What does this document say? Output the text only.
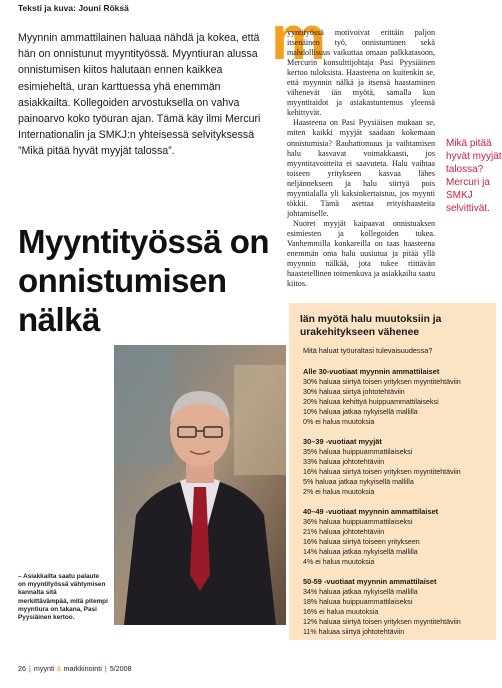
Teksti ja kuva: Jouni Röksä
Myynnin ammattilainen haluaa nähdä ja kokea, että hän on onnistunut myyntityössä. Myyntiuran alussa onnistumisen kiitos halutaan ennen kaikkea esimieheltä, uran karttuessa yhä enemmän asiakkailta. Kollegoiden arvostuksella on vahva painoarvo koko työuran ajan. Tämä käy ilmi Mercuri Internationalin ja SMKJ:n yhteisessä selvityksessä ”Mikä pitää hyvät myyjät talossa”.
m

yyntityössä motivoivat erittäin paljon itsenäinen työ, onnistuminen sekä mahdollisuus vaikuttaa omaan palkkatasoon, Mercurin konsulttijohtaja Pasi Pyysiäinen kertoo tuloksista. Haasteena on kuitenkin se, että myynnin nälkä ja itsensä haastaminen vähenevät iän myötä, samalla kun myyntitaidot ja asiakastuntemus yleensä kehittyvät.

Haasteena on Pasi Pyysiäisen mukaan se, miten kaikki myyjät saadaan kokemaan onnistumisia? Rauhattomuus ja vaihtamisen halu kasvavat voimakkaasti, jos myyntitavoitteita ei saavuteta. Halu vaihtaa toiseen yritykseen kasvaa lähes neljännekseen ja halu siirtyä pois myyntialalla yli kaksinkertaistuu, jos myynti tökkii. Tämä asettaa erityishaasteita johtamiselle.

Nuoret myyjät kaipaavat onnistuaksen esimiesten ja kollegoiden tukea. Vanhemmilla konkareilla on taas haasteena enemmän oma halu uusiutua ja pitää yllä myynnin nälkää, jota tukee riittävän haastetellinen toimenkuva ja asiakkailta saatu kiitos.

Mikä pitää hyvät myyjät talossa? Mercuri ja SMKJ selvittivät.
Myyntityössä on onnistumisen nälkä
– Asiakkailta saatu palaute on myyntityössä vähtymisen kannalta sitä merkittävämpää, mitä pitempi myyntiura on takana, Pasi Pyysiäinen kertoo.
Iän myötä halu muutoksiin ja urakehitykseen vähenee
Mitä haluat työuraltasi tulevaisuudessa?
Alle 30-vuotiaat myynnin ammattilaiset
30% haluaa siirtyä toisen yrityksen myyntitehtäviin
30% haluaa siirtyä johtotehtäviin
20% haluaa kehittyä huippuammattilaiseksi
10% haluaa jatkaa nykyisellä mallilla
0% ei halua muutoksia
30–39 -vuotiaat myyjät
35% haluaa huippuammattilaiseksi
33% haluaa johtotehtäviin
16% haluaa siirtyä toisen yrityksen myyntitehtäviin
5% haluaa jatkaa nykyisellä mallilla
2% ei halua muutoksia
40–49 -vuotiaat myynnin ammattilaiset
36% haluaa huippuammattilaiseksi
21% haluaa johtotehtäviin
16% haluaa siirtyä toiseen yritykseen
14% haluaa jatkaa nykyisellä mallilla
4% ei halua muutoksia
50-59 -vuotiaat myynnin ammattilaiset
34% haluaa jatkaa nykyisellä mallilla
18% haluaa huippuammattilaiseksi
16% ei halua muutoksia
12% haluaa siirtyä toisen yrityksen myyntitehtäviin
11% haluaa siirtyä johtotehtäviin
26 | myynti & markkinointi | 5/2008
